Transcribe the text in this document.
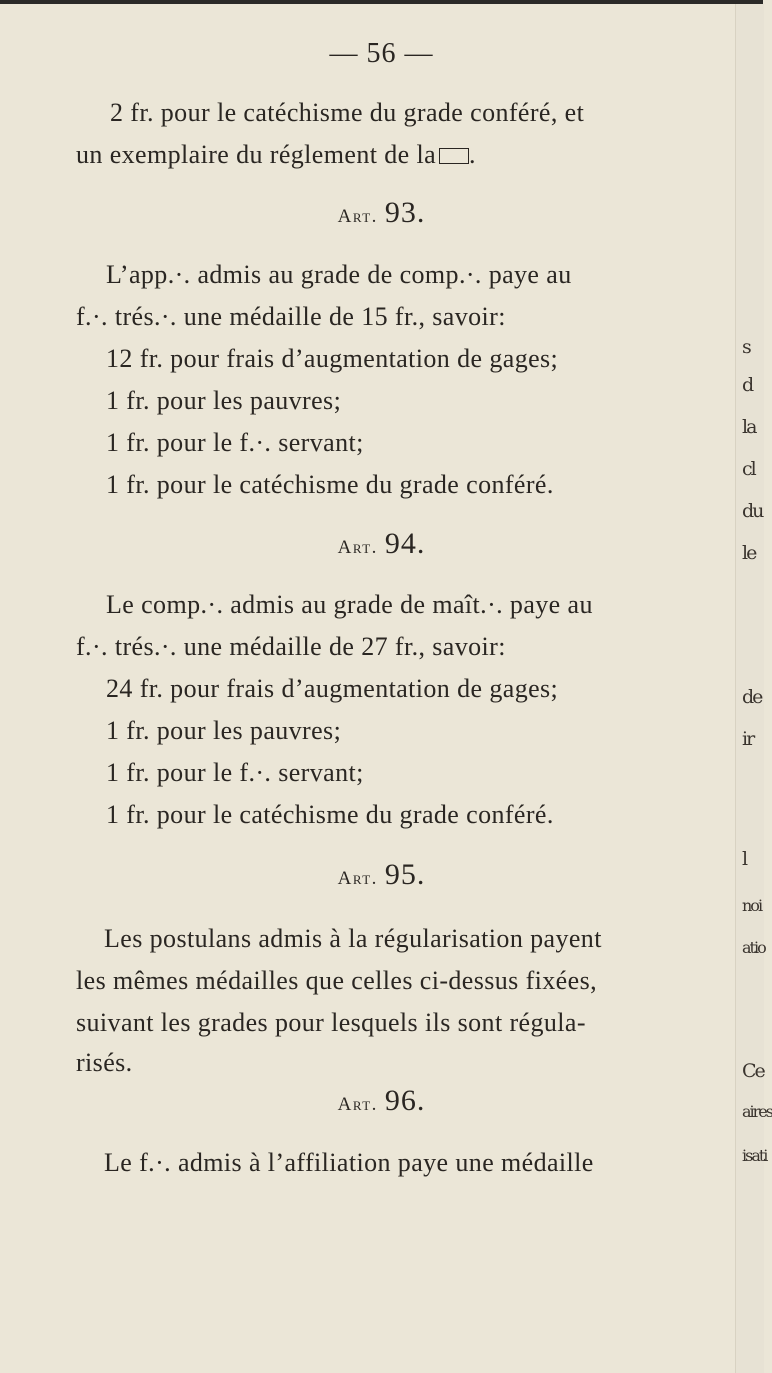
s
d
la
cl
du
le
de
ir
l
noi
atio
Ce
aires
isati
— 56 —
2 fr. pour le catéchisme du grade conféré, et
un exemplaire du réglement de la .
Art. 93.
L’app.·. admis au grade de comp.·. paye au
f.·. trés.·. une médaille de 15 fr., savoir:
12 fr. pour frais d’augmentation de gages;
1 fr. pour les pauvres;
1 fr. pour le f.·. servant;
1 fr. pour le catéchisme du grade conféré.
Art. 94.
Le comp.·. admis au grade de maît.·. paye au
f.·. trés.·. une médaille de 27 fr., savoir:
24 fr. pour frais d’augmentation de gages;
1 fr. pour les pauvres;
1 fr. pour le f.·. servant;
1 fr. pour le catéchisme du grade conféré.
Art. 95.
Les postulans admis à la régularisation payent
les mêmes médailles que celles ci-dessus fixées,
suivant les grades pour lesquels ils sont régula-
risés.
Art. 96.
Le f.·. admis à l’affiliation paye une médaille
